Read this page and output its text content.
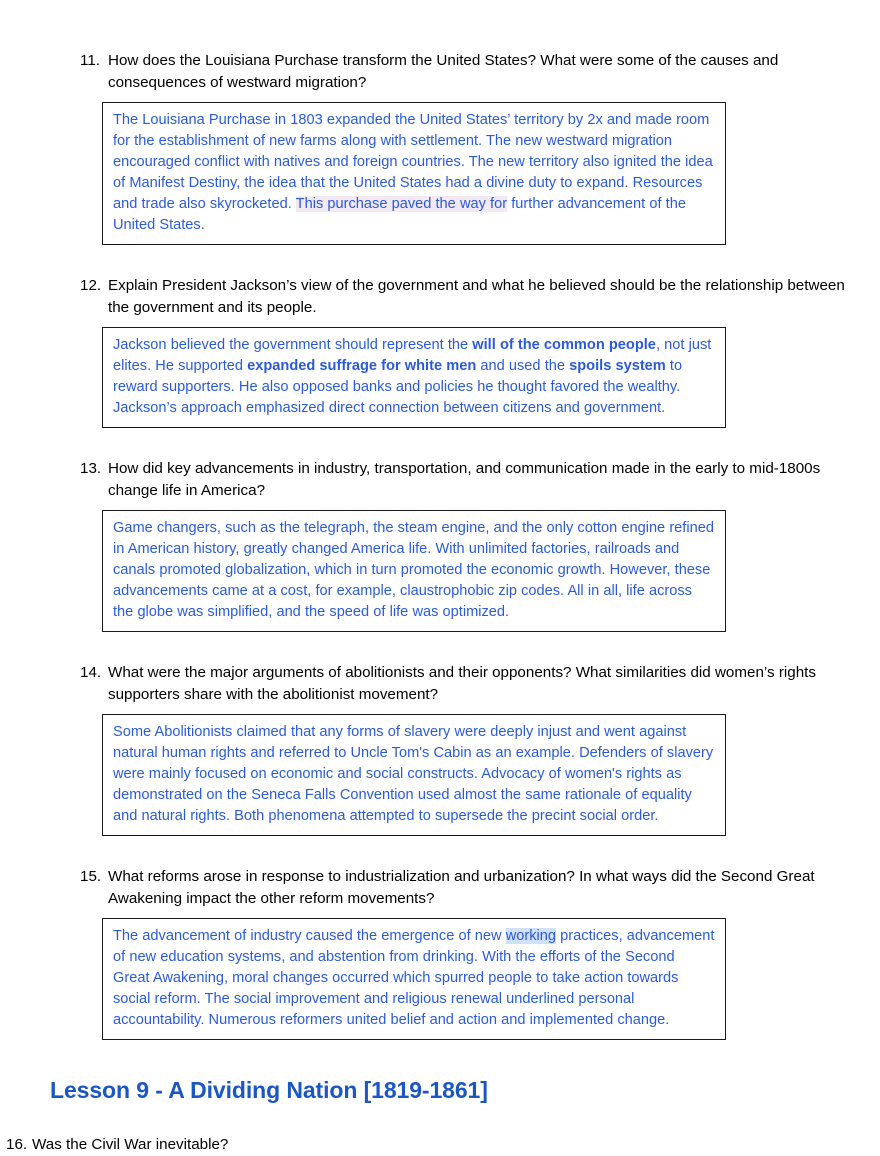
11. How does the Louisiana Purchase transform the United States? What were some of the causes and consequences of westward migration?

The Louisiana Purchase in 1803 expanded the United States’ territory by 2x and made room for the establishment of new farms along with settlement. The new westward migration encouraged conflict with natives and foreign countries. The new territory also ignited the idea of Manifest Destiny, the idea that the United States had a divine duty to expand. Resources and trade also skyrocketed. This purchase paved the way for further advancement of the United States.

12. Explain President Jackson’s view of the government and what he believed should be the relationship between the government and its people.

Jackson believed the government should represent the will of the common people, not just elites. He supported expanded suffrage for white men and used the spoils system to reward supporters. He also opposed banks and policies he thought favored the wealthy. Jackson’s approach emphasized direct connection between citizens and government.

13. How did key advancements in industry, transportation, and communication made in the early to mid-1800s change life in America?

Game changers, such as the telegraph, the steam engine, and the only cotton engine refined in American history, greatly changed America life. With unlimited factories, railroads and canals promoted globalization, which in turn promoted the economic growth. However, these advancements came at a cost, for example, claustrophobic zip codes. All in all, life across the globe was simplified, and the speed of life was optimized.

14. What were the major arguments of abolitionists and their opponents? What similarities did women’s rights supporters share with the abolitionist movement?

Some Abolitionists claimed that any forms of slavery were deeply injust and went against natural human rights and referred to Uncle Tom's Cabin as an example. Defenders of slavery were mainly focused on economic and social constructs. Advocacy of women's rights as demonstrated on the Seneca Falls Convention used almost the same rationale of equality and natural rights. Both phenomena attempted to supersede the precint social order.

15. What reforms arose in response to industrialization and urbanization? In what ways did the Second Great Awakening impact the other reform movements?

The advancement of industry caused the emergence of new working practices, advancement of new education systems, and abstention from drinking. With the efforts of the Second Great Awakening, moral changes occurred which spurred people to take action towards social reform. The social improvement and religious renewal underlined personal accountability. Numerous reformers united belief and action and implemented change.

Lesson 9 - A Dividing Nation [1819-1861]
16. Was the Civil War inevitable?
